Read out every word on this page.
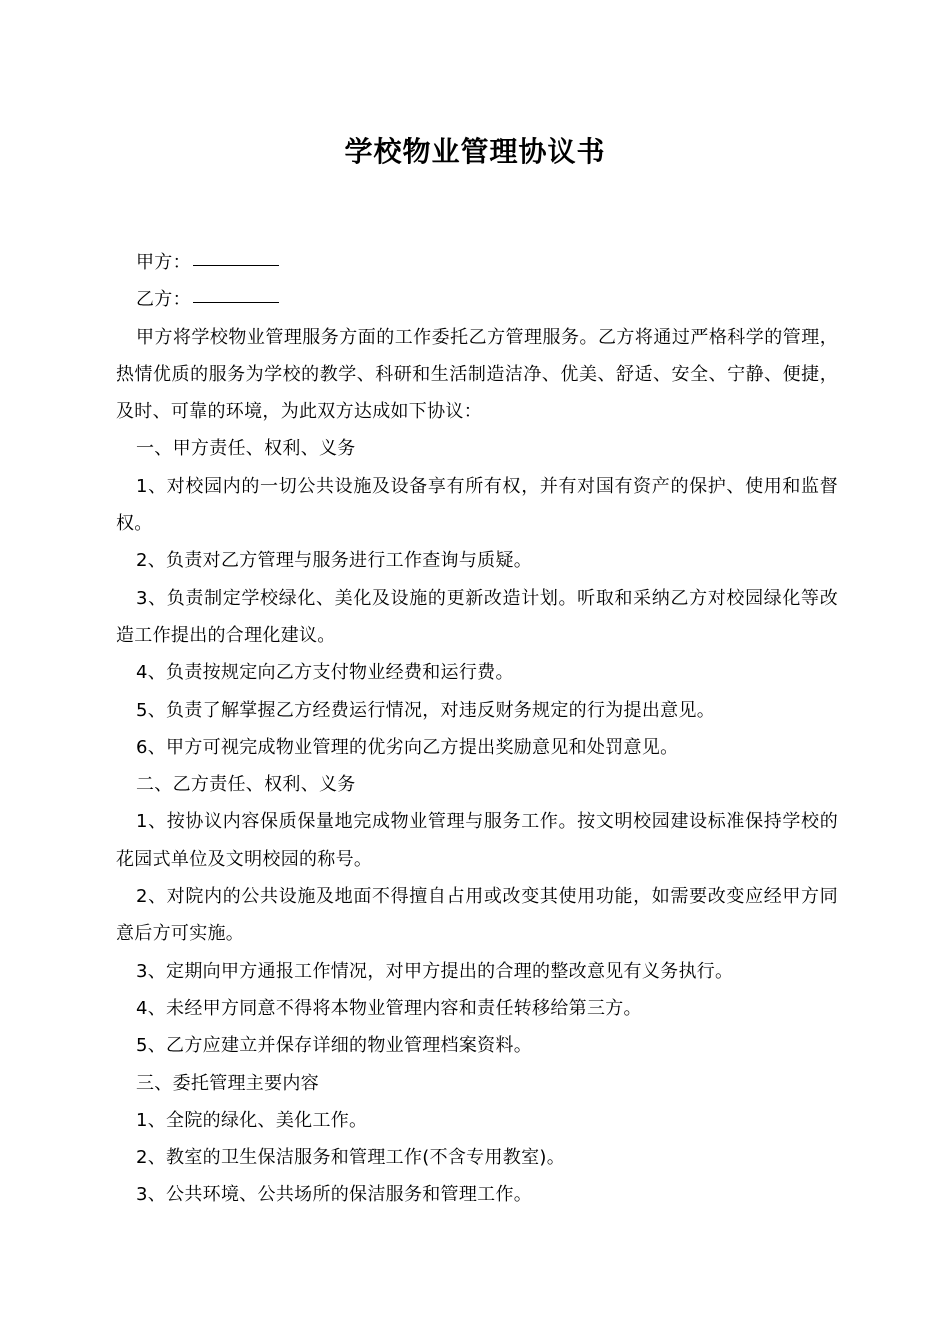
学校物业管理协议书

甲方：

乙方：

甲方将学校物业管理服务方面的工作委托乙方管理服务。乙方将通过严格科学的管理，热情优质的服务为学校的教学、科研和生活制造洁净、优美、舒适、安全、宁静、便捷，及时、可靠的环境，为此双方达成如下协议：

一、甲方责任、权利、义务

1、对校园内的一切公共设施及设备享有所有权，并有对国有资产的保护、使用和监督权。

2、负责对乙方管理与服务进行工作查询与质疑。

3、负责制定学校绿化、美化及设施的更新改造计划。听取和采纳乙方对校园绿化等改造工作提出的合理化建议。

4、负责按规定向乙方支付物业经费和运行费。

5、负责了解掌握乙方经费运行情况，对违反财务规定的行为提出意见。

6、甲方可视完成物业管理的优劣向乙方提出奖励意见和处罚意见。

二、乙方责任、权利、义务

1、按协议内容保质保量地完成物业管理与服务工作。按文明校园建设标准保持学校的花园式单位及文明校园的称号。

2、对院内的公共设施及地面不得擅自占用或改变其使用功能，如需要改变应经甲方同意后方可实施。

3、定期向甲方通报工作情况，对甲方提出的合理的整改意见有义务执行。

4、未经甲方同意不得将本物业管理内容和责任转移给第三方。

5、乙方应建立并保存详细的物业管理档案资料。

三、委托管理主要内容

1、全院的绿化、美化工作。

2、教室的卫生保洁服务和管理工作(不含专用教室)。

3、公共环境、公共场所的保洁服务和管理工作。
